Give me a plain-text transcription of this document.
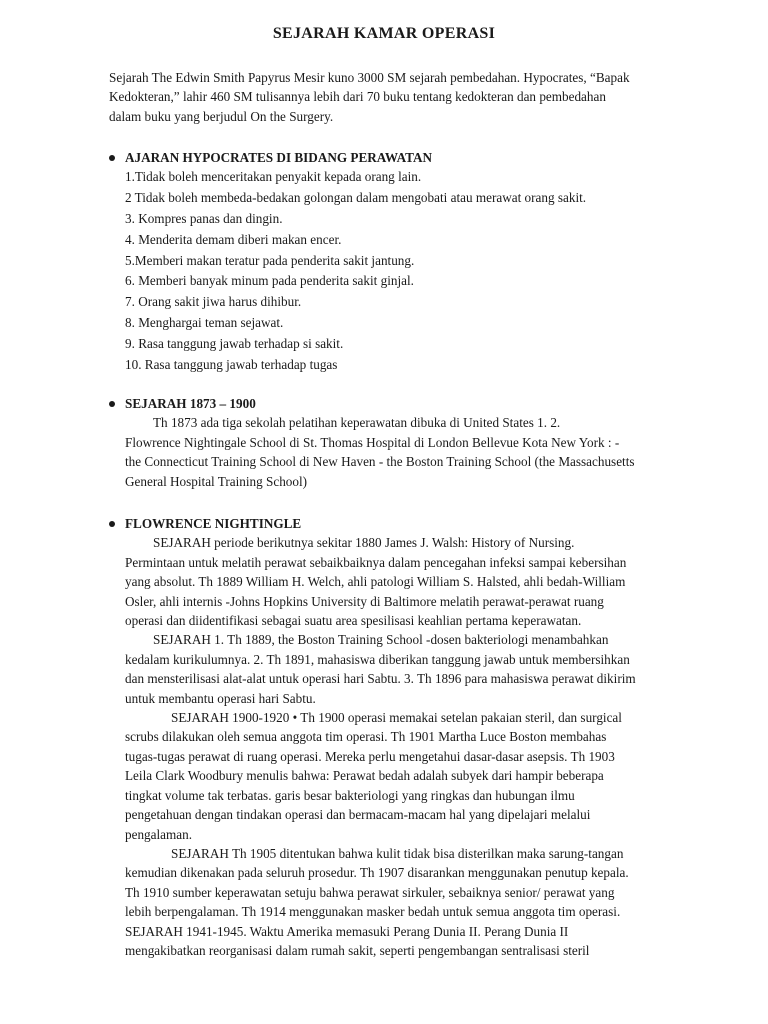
SEJARAH KAMAR OPERASI
Sejarah The Edwin Smith Papyrus Mesir kuno 3000 SM sejarah pembedahan. Hypocrates, “Bapak
Kedokteran,” lahir 460 SM tulisannya lebih dari 70 buku tentang kedokteran dan pembedahan
dalam buku yang berjudul On the Surgery.
AJARAN HYPOCRATES DI BIDANG PERAWATAN
1.Tidak boleh menceritakan penyakit kepada orang lain.
2 Tidak boleh membeda-bedakan golongan dalam mengobati atau merawat orang sakit.
3. Kompres panas dan dingin.
4. Menderita demam diberi makan encer.
5.Memberi makan teratur pada penderita sakit jantung.
6. Memberi banyak minum pada penderita sakit ginjal.
7. Orang sakit jiwa harus dihibur.
8. Menghargai teman sejawat.
9. Rasa tanggung jawab terhadap si sakit.
10. Rasa tanggung jawab terhadap tugas
SEJARAH 1873 – 1900
Th 1873 ada tiga sekolah pelatihan keperawatan dibuka di United States 1. 2.
Flowrence Nightingale School di St. Thomas Hospital di London Bellevue Kota New York : -
the Connecticut Training School di New Haven - the Boston Training School (the Massachusetts
General Hospital Training School)
FLOWRENCE NIGHTINGLE
SEJARAH periode berikutnya sekitar 1880 James J. Walsh: History of Nursing.
Permintaan untuk melatih perawat sebaikbaiknya dalam pencegahan infeksi sampai kebersihan
yang absolut. Th 1889 William H. Welch, ahli patologi William S. Halsted, ahli bedah-William
Osler, ahli internis -Johns Hopkins University di Baltimore melatih perawat-perawat ruang
operasi dan diidentifikasi sebagai suatu area spesilisasi keahlian pertama keperawatan.
SEJARAH 1. Th 1889, the Boston Training School -dosen bakteriologi menambahkan
kedalam kurikulumnya. 2. Th 1891, mahasiswa diberikan tanggung jawab untuk membersihkan
dan mensterilisasi alat-alat untuk operasi hari Sabtu. 3. Th 1896 para mahasiswa perawat dikirim
untuk membantu operasi hari Sabtu.
SEJARAH 1900-1920 • Th 1900 operasi memakai setelan pakaian steril, dan surgical
scrubs dilakukan oleh semua anggota tim operasi. Th 1901 Martha Luce Boston membahas
tugas-tugas perawat di ruang operasi. Mereka perlu mengetahui dasar-dasar asepsis. Th 1903
Leila Clark Woodbury menulis bahwa: Perawat bedah adalah subyek dari hampir beberapa
tingkat volume tak terbatas. garis besar bakteriologi yang ringkas dan hubungan ilmu
pengetahuan dengan tindakan operasi dan bermacam-macam hal yang dipelajari melalui
pengalaman.
SEJARAH Th 1905 ditentukan bahwa kulit tidak bisa disterilkan maka sarung-tangan
kemudian dikenakan pada seluruh prosedur. Th 1907 disarankan menggunakan penutup kepala.
Th 1910 sumber keperawatan setuju bahwa perawat sirkuler, sebaiknya senior/ perawat yang
lebih berpengalaman. Th 1914 menggunakan masker bedah untuk semua anggota tim operasi.
SEJARAH 1941-1945. Waktu Amerika memasuki Perang Dunia II. Perang Dunia II
mengakibatkan reorganisasi dalam rumah sakit, seperti pengembangan sentralisasi steril
